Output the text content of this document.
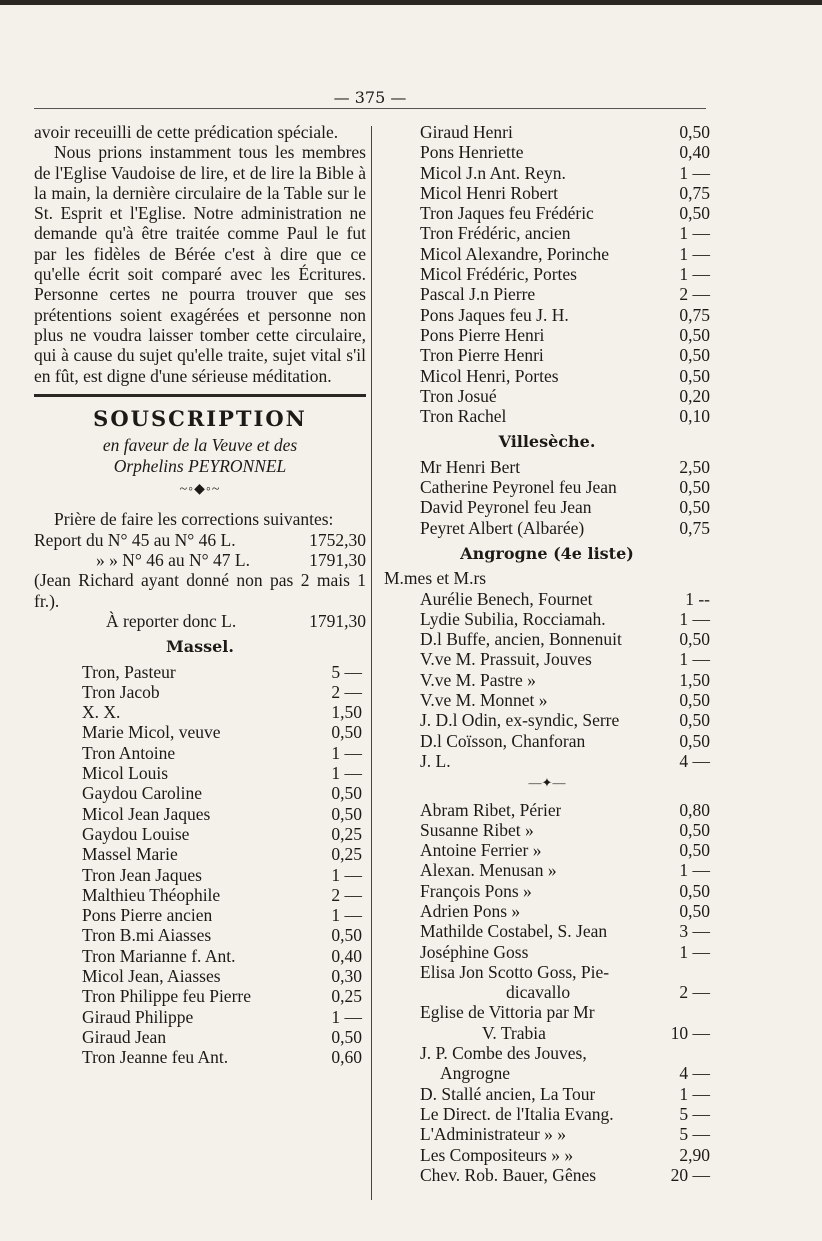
— 375 —

avoir receuilli de cette prédication spéciale.

Nous prions instamment tous les membres de l'Eglise Vaudoise de lire, et de lire la Bible à la main, la dernière circulaire de la Table sur le St. Esprit et l'Eglise. Notre administration ne demande qu'à être traitée comme Paul le fut par les fidèles de Bérée c'est à dire que ce qu'elle écrit soit comparé avec les Écritures. Personne certes ne pourra trouver que ses prétentions soient exagérées et personne non plus ne voudra laisser tomber cette circulaire, qui à cause du sujet qu'elle traite, sujet vital s'il en fût, est digne d'une sérieuse méditation.

SOUSCRIPTION
en faveur de la Veuve et des
Orphelins PEYRONNEL
~◦◆◦~

Prière de faire les corrections suivantes:

Report du N° 45 au N° 46 L.	1752,30
» » N° 46 au N° 47 L.	1791,30

(Jean Richard ayant donné non pas 2 mais 1 fr.).

À reporter donc L.	1791,30
Massel.
Tron, Pasteur	5 —
Tron Jacob	2 —
X. X.	1,50
Marie Micol, veuve	0,50
Tron Antoine	1 —
Micol Louis	1 —
Gaydou Caroline	0,50
Micol Jean Jaques	0,50
Gaydou Louise	0,25
Massel Marie	0,25
Tron Jean Jaques	1 —
Malthieu Théophile	2 —
Pons Pierre ancien	1 —
Tron B.mi Aiasses	0,50
Tron Marianne f. Ant.	0,40
Micol Jean, Aiasses	0,30
Tron Philippe feu Pierre	0,25
Giraud Philippe	1 —
Giraud Jean	0,50
Tron Jeanne feu Ant.	0,60
Giraud Henri	0,50
Pons Henriette	0,40
Micol J.n Ant. Reyn.	1 —
Micol Henri Robert	0,75
Tron Jaques feu Frédéric	0,50
Tron Frédéric, ancien	1 —
Micol Alexandre, Porinche	1 —
Micol Frédéric, Portes	1 —
Pascal J.n Pierre	2 —
Pons Jaques feu J. H.	0,75
Pons Pierre Henri	0,50
Tron Pierre Henri	0,50
Micol Henri, Portes	0,50
Tron Josué	0,20
Tron Rachel	0,10
Villesèche.
Mr Henri Bert	2,50
Catherine Peyronel feu Jean	0,50
David Peyronel feu Jean	0,50
Peyret Albert (Albarée)	0,75
Angrogne (4e liste)
M.mes et M.rs
Aurélie Benech, Fournet	1 --
Lydie Subilia, Rocciamah.	1 —
D.l Buffe, ancien, Bonnenuit	0,50
V.ve M. Prassuit, Jouves	1 —
V.ve M. Pastre »	1,50
V.ve M. Monnet »	0,50
J. D.l Odin, ex-syndic, Serre	0,50
D.l Coïsson, Chanforan	0,50
J. L.	4 —
—✦—
Abram Ribet, Périer	0,80
Susanne Ribet »	0,50
Antoine Ferrier »	0,50
Alexan. Menusan »	1 —
François Pons »	0,50
Adrien Pons »	0,50
Mathilde Costabel, S. Jean	3 —
Joséphine Goss	1 —
Elisa Jon Scotto Goss, Pie-
dicavallo	2 —
Eglise de Vittoria par Mr
V. Trabia	10 —
J. P. Combe des Jouves,
Angrogne	4 —
D. Stallé ancien, La Tour	1 —
Le Direct. de l'Italia Evang.	5 —
L'Administrateur » »	5 —
Les Compositeurs » »	2,90
Chev. Rob. Bauer, Gênes	20 —
